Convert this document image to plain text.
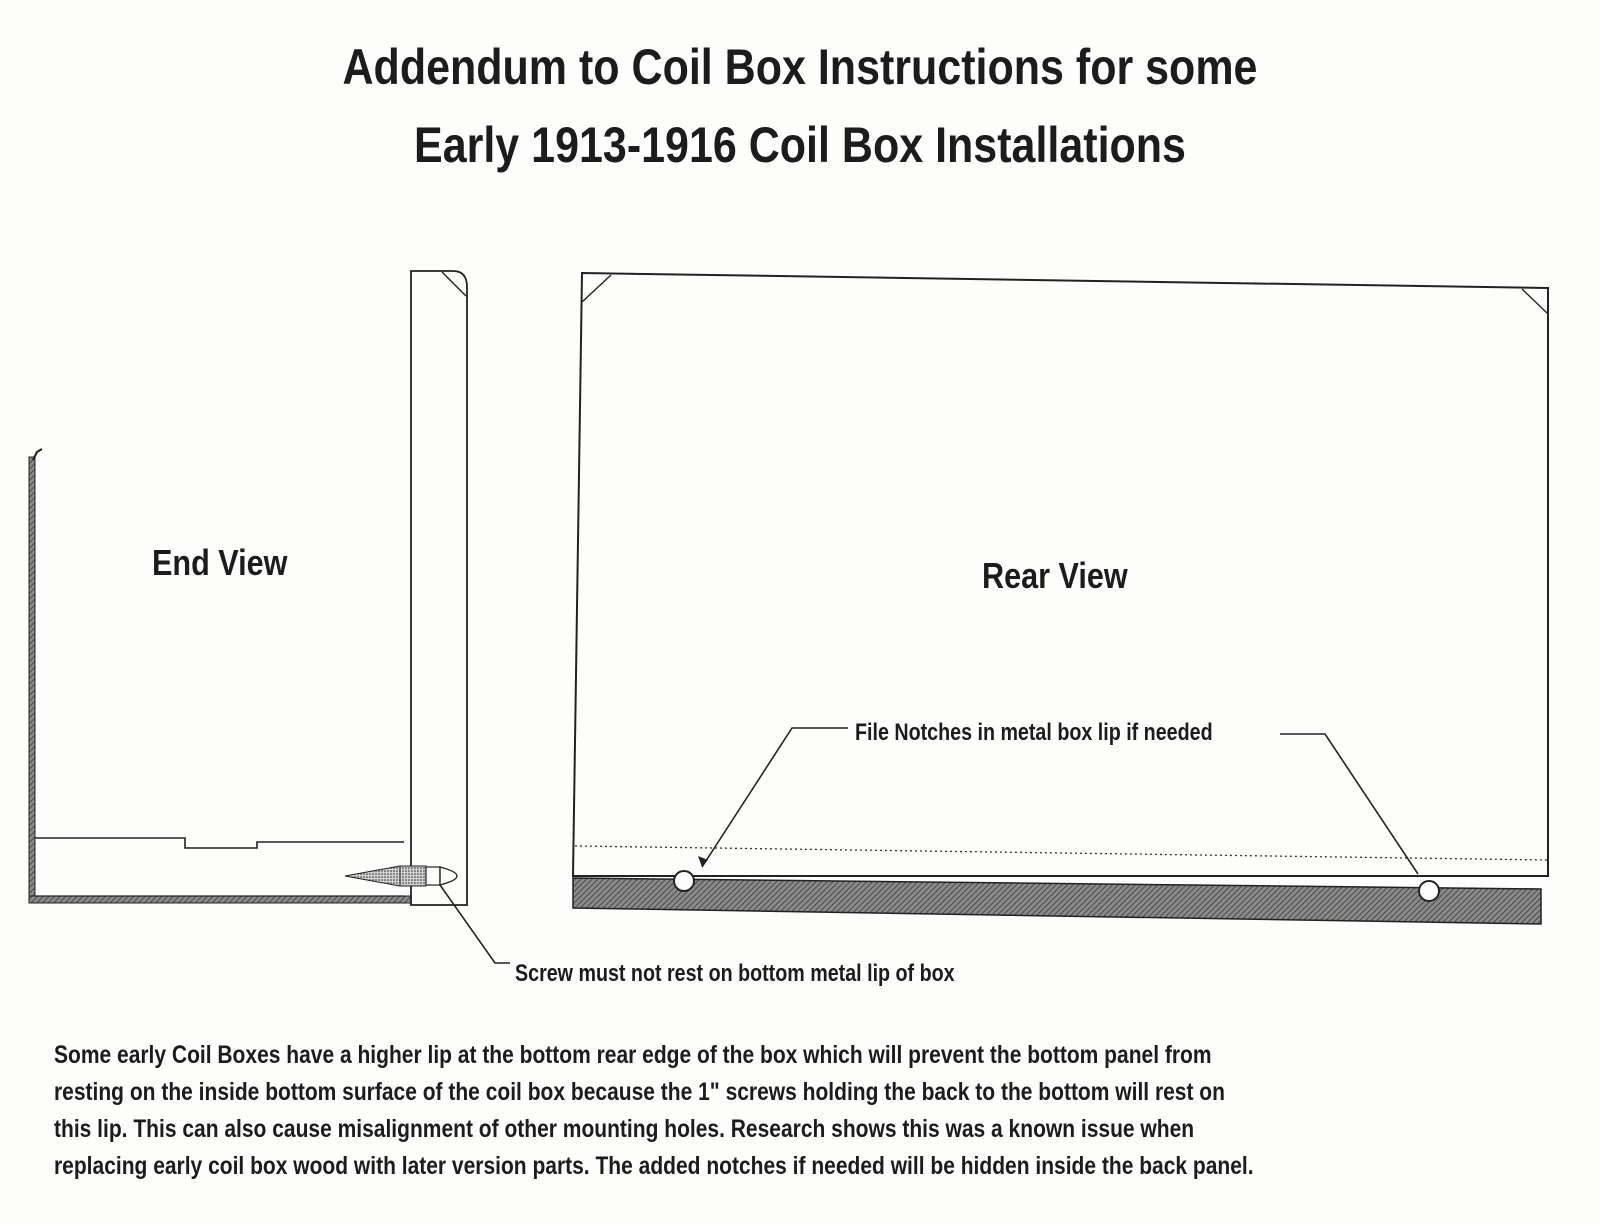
Addendum to Coil Box Instructions for some
Early 1913-1916 Coil Box Installations
End View	Rear View
File Notches in metal box lip if needed
Screw must not rest on bottom metal lip of box
Some early Coil Boxes have a higher lip at the bottom rear edge of the box which will prevent the bottom panel from
resting on the inside bottom surface of the coil box because the 1" screws holding the back to the bottom will rest on
this lip. This can also cause misalignment of other mounting holes. Research shows this was a known issue when
replacing early coil box wood with later version parts. The added notches if needed will be hidden inside the back panel.
